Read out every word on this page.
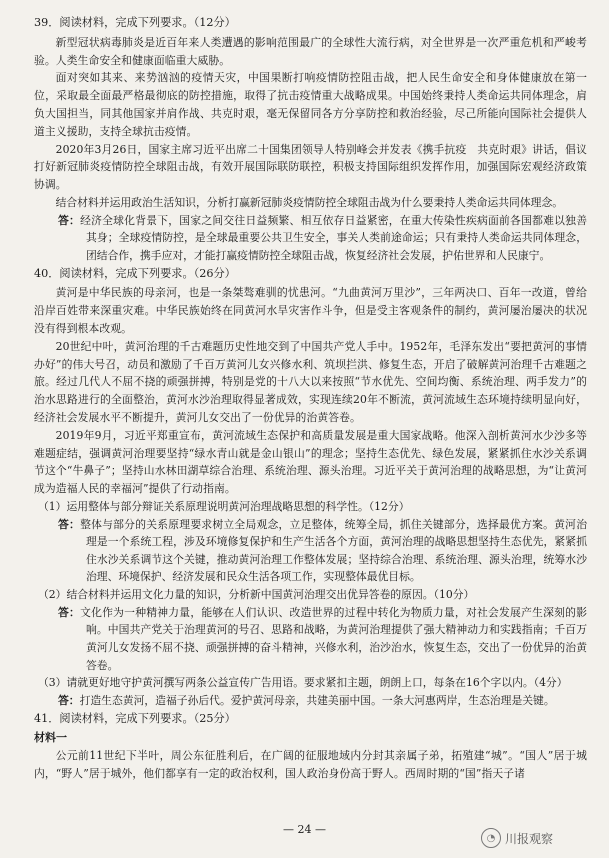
39．阅读材料，完成下列要求。（12分）

新型冠状病毒肺炎是近百年来人类遭遇的影响范围最广的全球性大流行病，对全世界是一次严重危机和严峻考验。人类生命安全和健康面临重大威胁。

面对突如其来、来势汹汹的疫情天灾，中国果断打响疫情防控阻击战，把人民生命安全和身体健康放在第一位，采取最全面最严格最彻底的防控措施，取得了抗击疫情重大战略成果。中国始终秉持人类命运共同体理念，肩负大国担当，同其他国家并肩作战、共克时艰，毫无保留同各方分享防控和救治经验，尽己所能向国际社会提供人道主义援助，支持全球抗击疫情。

2020年3月26日，国家主席习近平出席二十国集团领导人特别峰会并发表《携手抗疫　共克时艰》讲话，倡议打好新冠肺炎疫情防控全球阻击战，有效开展国际联防联控，积极支持国际组织发挥作用，加强国际宏观经济政策协调。

结合材料并运用政治生活知识，分析打赢新冠肺炎疫情防控全球阻击战为什么要秉持人类命运共同体理念。

答：经济全球化背景下，国家之间交往日益频繁、相互依存日益紧密，在重大传染性疾病面前各国都难以独善其身；全球疫情防控，是全球最重要公共卫生安全，事关人类前途命运；只有秉持人类命运共同体理念，团结合作，携手应对，才能打赢疫情防控全球阻击战，恢复经济社会发展，护佑世界和人民康宁。

40．阅读材料，完成下列要求。（26分）

黄河是中华民族的母亲河，也是一条桀骜难驯的忧患河。“九曲黄河万里沙”，三年两决口、百年一改道，曾给沿岸百姓带来深重灾难。中华民族始终在同黄河水旱灾害作斗争，但是受主客观条件的制约，黄河屡治屡决的状况没有得到根本改观。

20世纪中叶，黄河治理的千古难题历史性地交到了中国共产党人手中。1952年，毛泽东发出“要把黄河的事情办好”的伟大号召，动员和激励了千百万黄河儿女兴修水利、筑坝拦洪、修复生态，开启了破解黄河治理千古难题之旅。经过几代人不屈不挠的顽强拼搏，特别是党的十八大以来按照“节水优先、空间均衡、系统治理、两手发力”的治水思路进行的全面整治，黄河水沙治理取得显著成效，实现连续20年不断流，黄河流域生态环境持续明显向好，经济社会发展水平不断提升，黄河儿女交出了一份优异的治黄答卷。

2019年9月，习近平郑重宣布，黄河流域生态保护和高质量发展是重大国家战略。他深入剖析黄河水少沙多等难题症结，强调黄河治理要坚持“绿水青山就是金山银山”的理念；坚持生态优先、绿色发展，紧紧抓住水沙关系调节这个“牛鼻子”；坚持山水林田湖草综合治理、系统治理、源头治理。习近平关于黄河治理的战略思想，为“让黄河成为造福人民的幸福河”提供了行动指南。

（1）运用整体与部分辩证关系原理说明黄河治理战略思想的科学性。（12分）

答：整体与部分的关系原理要求树立全局观念，立足整体，统筹全局，抓住关键部分，选择最优方案。黄河治理是一个系统工程，涉及环境修复保护和生产生活各个方面，黄河治理的战略思想坚持生态优先，紧紧抓住水沙关系调节这个关键，推动黄河治理工作整体发展；坚持综合治理、系统治理、源头治理，统筹水沙治理、环境保护、经济发展和民众生活各项工作，实现整体最优目标。

（2）结合材料并运用文化力量的知识，分析新中国黄河治理交出优异答卷的原因。（10分）

答：文化作为一种精神力量，能够在人们认识、改造世界的过程中转化为物质力量，对社会发展产生深刻的影响。中国共产党关于治理黄河的号召、思路和战略，为黄河治理提供了强大精神动力和实践指南；千百万黄河儿女发扬不屈不挠、顽强拼搏的奋斗精神，兴修水利，治沙治水，恢复生态，交出了一份优异的治黄答卷。

（3）请就更好地守护黄河撰写两条公益宣传广告用语。要求紧扣主题，朗朗上口，每条在16个字以内。（4分）

答：打造生态黄河，造福子孙后代。爱护黄河母亲，共建美丽中国。一条大河惠两岸，生态治理是关键。

41．阅读材料，完成下列要求。（25分）

材料一

公元前11世纪下半叶，周公东征胜利后，在广阔的征服地域内分封其亲属子弟，拓殖建“城”。“国人”居于城内，“野人”居于城外，他们都享有一定的政治权利，国人政治身份高于野人。西周时期的“国”指天子诸

— 24 —
◔ 川报观察
